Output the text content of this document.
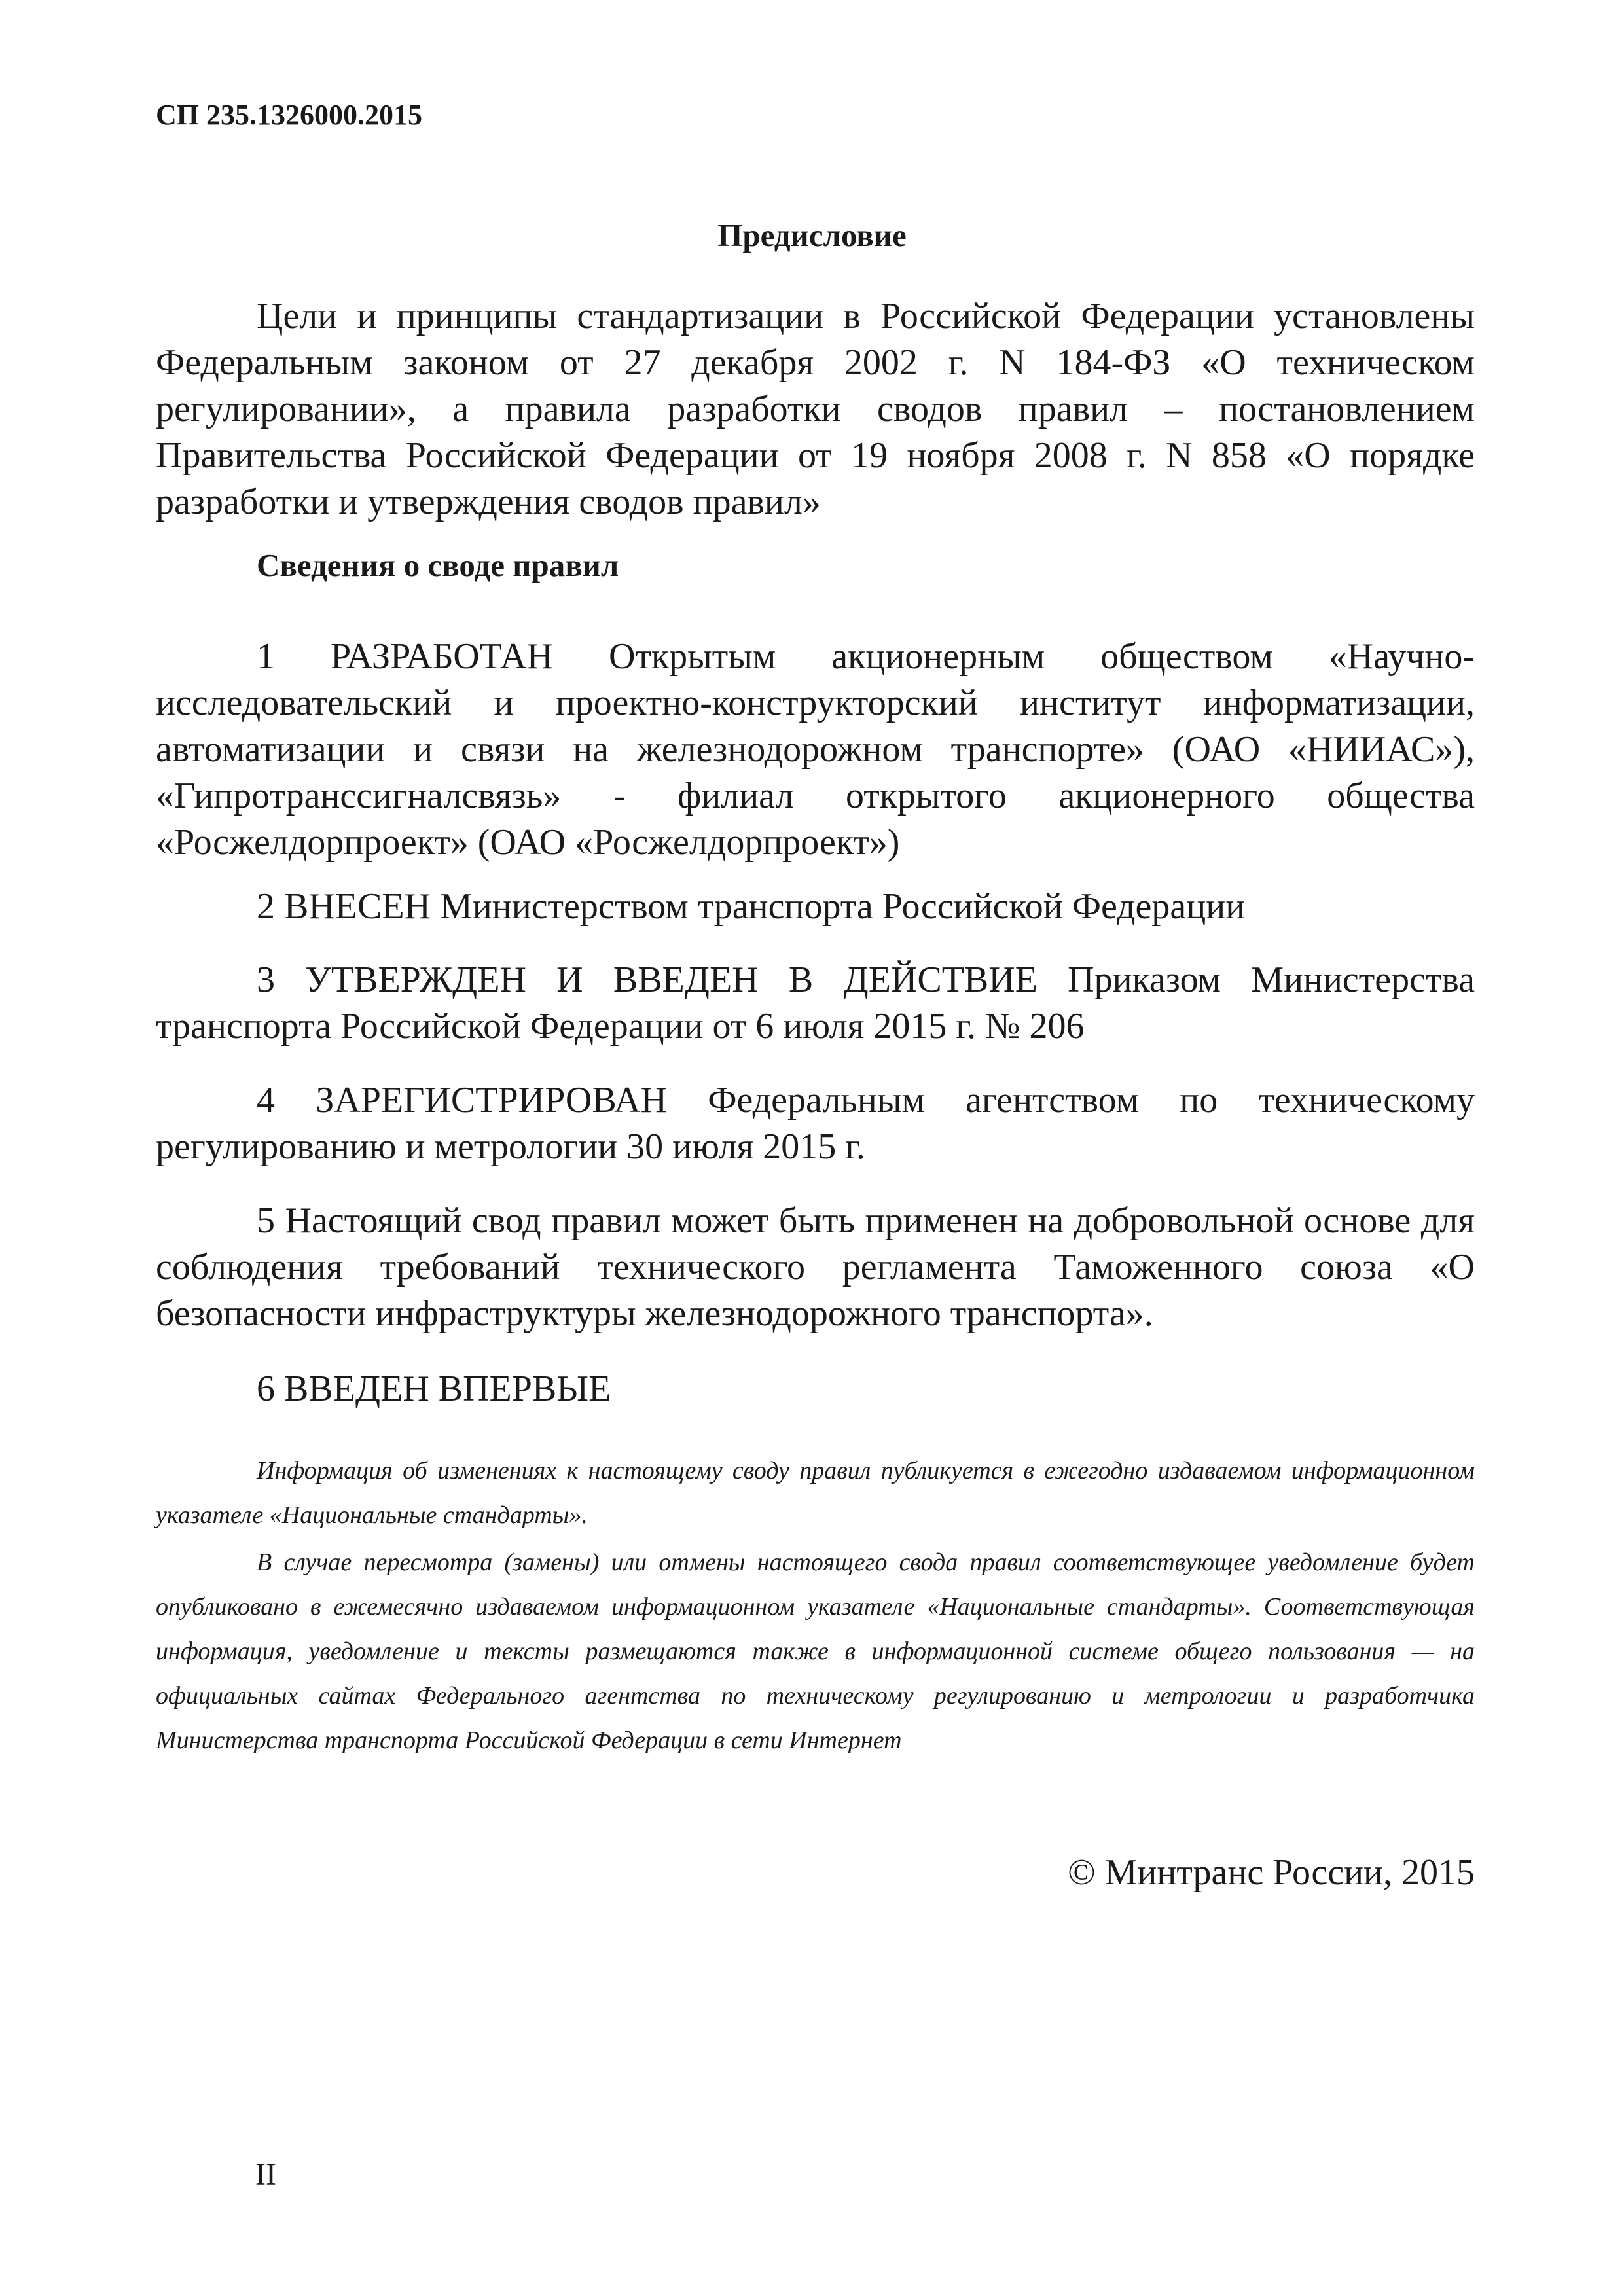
СП 235.1326000.2015
Предисловие
Цели и принципы стандартизации в Российской Федерации установлены Федеральным законом от 27 декабря 2002 г. N 184-ФЗ «О техническом регулировании», а правила разработки сводов правил – постановлением Правительства Российской Федерации от 19 ноября 2008 г. N 858 «О порядке разработки и утверждения сводов правил»
Сведения о своде правил
1 РАЗРАБОТАН Открытым акционерным обществом «Научно-исследовательский и проектно-конструкторский институт информатизации, автоматизации и связи на железнодорожном транспорте» (ОАО «НИИАС»), «Гипротранссигналсвязь» - филиал открытого акционерного общества «Росжелдорпроект» (ОАО «Росжелдорпроект»)
2 ВНЕСЕН Министерством транспорта Российской Федерации
3 УТВЕРЖДЕН И ВВЕДЕН В ДЕЙСТВИЕ Приказом Министерства транспорта Российской Федерации от 6 июля 2015 г. № 206
4 ЗАРЕГИСТРИРОВАН Федеральным агентством по техническому регулированию и метрологии 30 июля 2015 г.
5 Настоящий свод правил может быть применен на добровольной основе для соблюдения требований технического регламента Таможенного союза «О безопасности инфраструктуры железнодорожного транспорта».
6 ВВЕДЕН ВПЕРВЫЕ
Информация об изменениях к настоящему своду правил публикуется в ежегодно издаваемом информационном указателе «Национальные стандарты».
В случае пересмотра (замены) или отмены настоящего свода правил соответствующее уведомление будет опубликовано в ежемесячно издаваемом информационном указателе «Национальные стандарты». Соответствующая информация, уведомление и тексты размещаются также в информационной системе общего пользования — на официальных сайтах Федерального агентства по техническому регулированию и метрологии и разработчика Министерства транспорта Российской Федерации в сети Интернет
© Минтранс России, 2015
II
